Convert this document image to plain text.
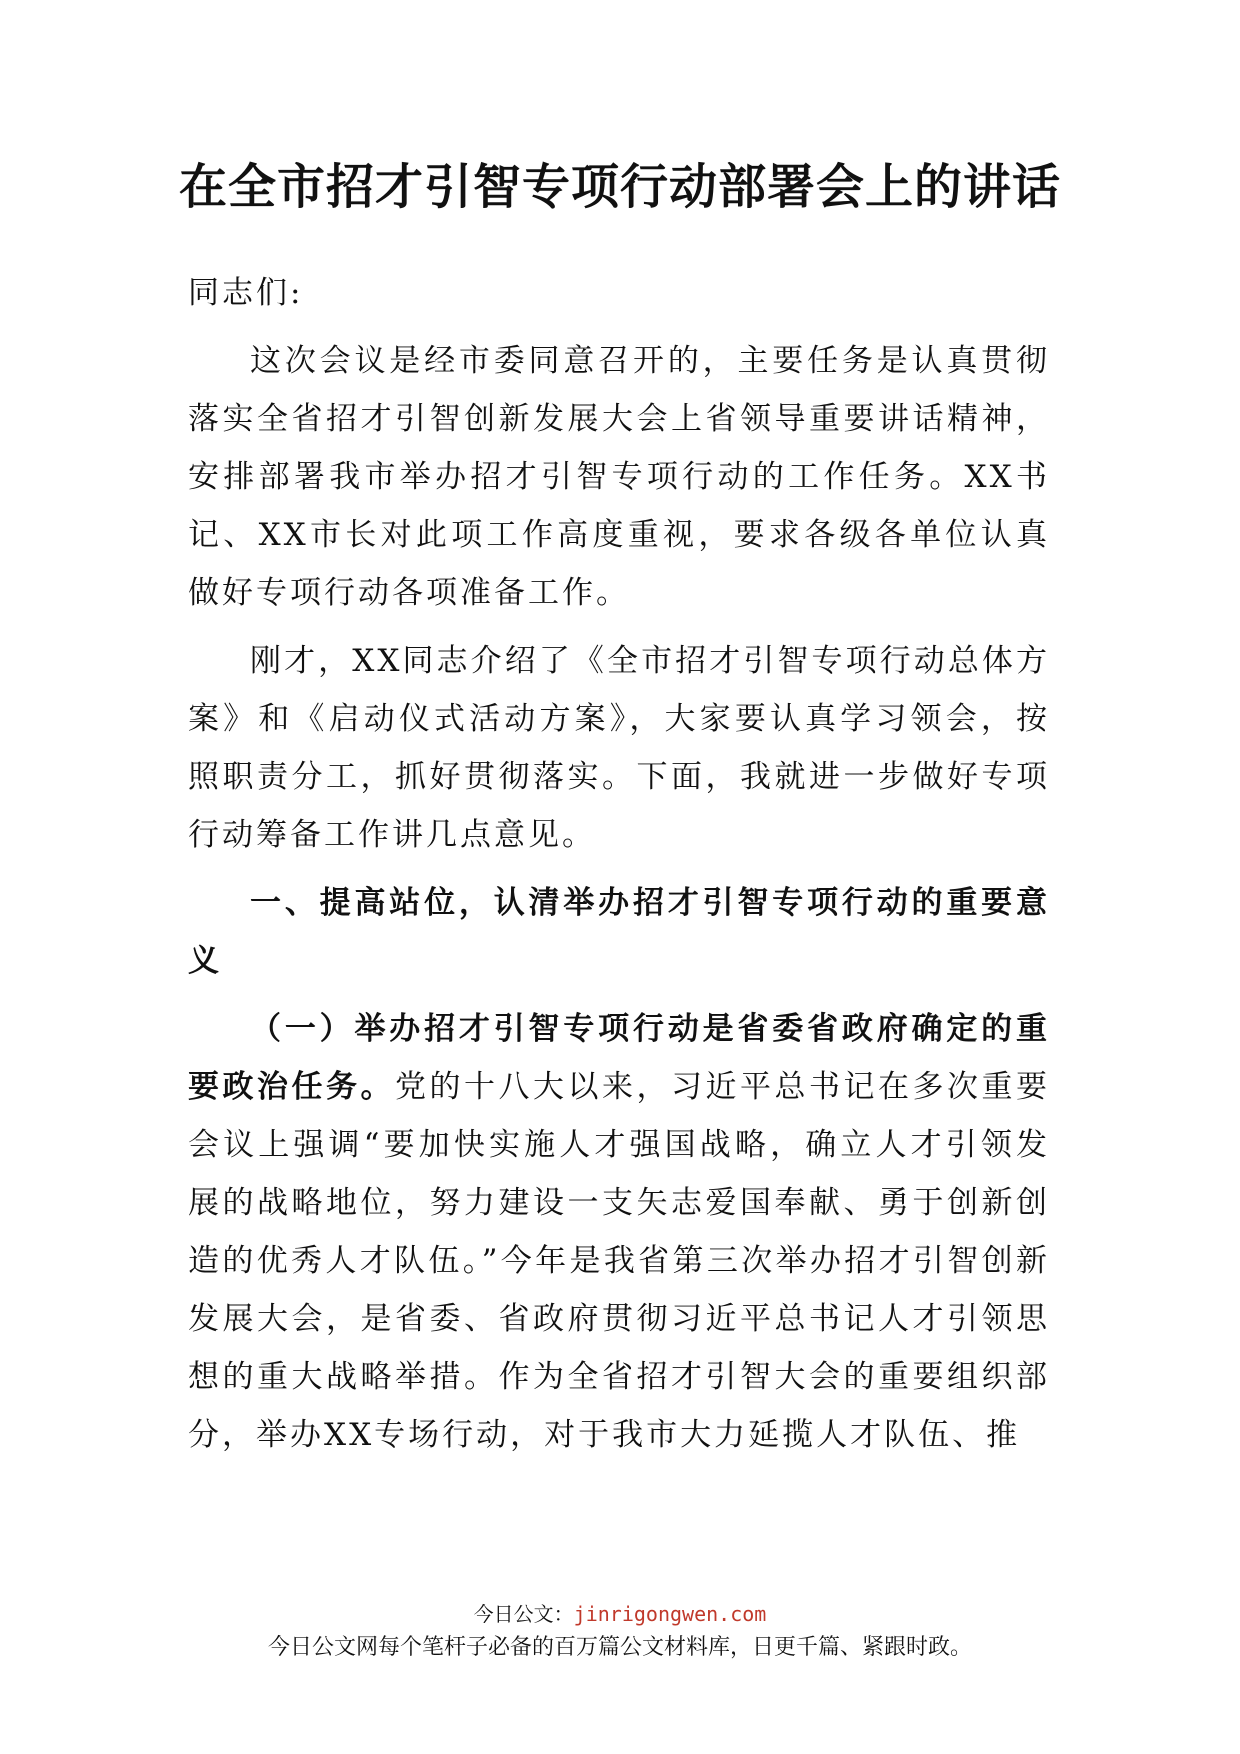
在全市招才引智专项行动部署会上的讲话

同志们:

这次会议是经市委同意召开的，主要任务是认真贯彻落实全省招才引智创新发展大会上省领导重要讲话精神，安排部署我市举办招才引智专项行动的工作任务。XX书记、XX市长对此项工作高度重视，要求各级各单位认真做好专项行动各项准备工作。

刚才，XX同志介绍了《全市招才引智专项行动总体方案》和《启动仪式活动方案》，大家要认真学习领会，按照职责分工，抓好贯彻落实。下面，我就进一步做好专项行动筹备工作讲几点意见。

一、提高站位，认清举办招才引智专项行动的重要意义

（一）举办招才引智专项行动是省委省政府确定的重要政治任务。党的十八大以来，习近平总书记在多次重要会议上强调“要加快实施人才强国战略，确立人才引领发展的战略地位，努力建设一支矢志爱国奉献、勇于创新创造的优秀人才队伍。”今年是我省第三次举办招才引智创新发展大会，是省委、省政府贯彻习近平总书记人才引领思想的重大战略举措。作为全省招才引智大会的重要组织部分，举办XX专场行动，对于我市大力延揽人才队伍、推

今日公文：jinrigongwen.com
今日公文网每个笔杆子必备的百万篇公文材料库，日更千篇、紧跟时政。
